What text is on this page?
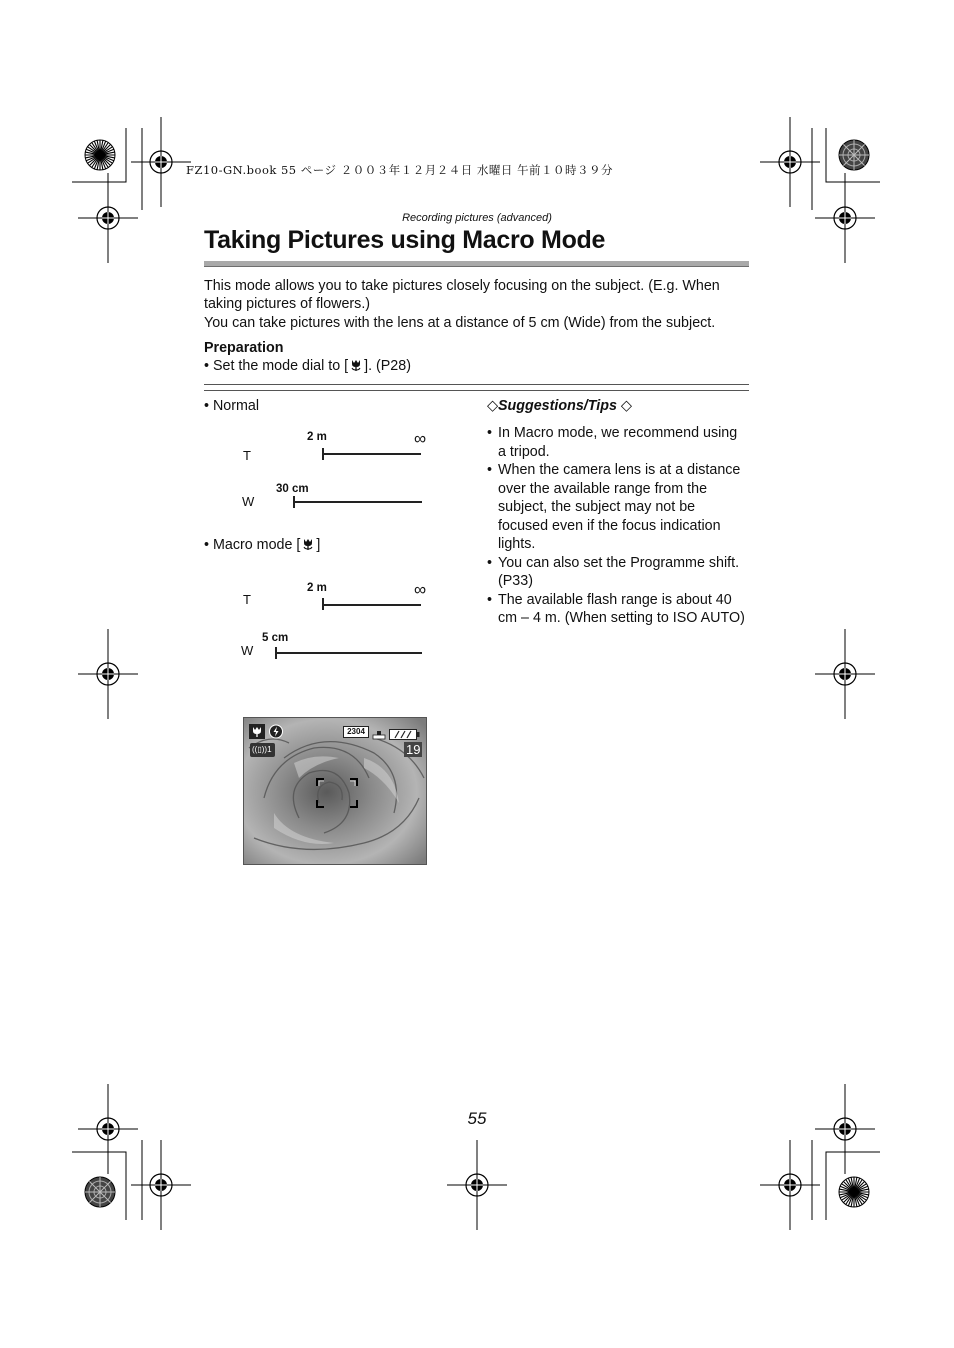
FZ10-GN.book 55 ページ ２００３年１２月２４日 水曜日 午前１０時３９分
Recording pictures (advanced)
Taking Pictures using Macro Mode

This mode allows you to take pictures closely focusing on the subject. (E.g. When taking pictures of flowers.)

You can take pictures with the lens at a distance of 5 cm (Wide) from the subject.

Preparation
• Set the mode dial to [ ]. (P28)
• Normal
2 m	∞
T
30 cm
W
• Macro mode [ ]
2 m	∞
T
5 cm
W
◇Suggestions/Tips ◇
• In Macro mode, we recommend using a tripod.
• When the camera lens is at a distance over the available range from the subject, the subject may not be focused even if the focus indication lights.
• You can also set the Programme shift. (P33)
• The available flash range is about 40 cm – 4 m. (When setting to ISO AUTO)
2304
((▯))1	19
55
